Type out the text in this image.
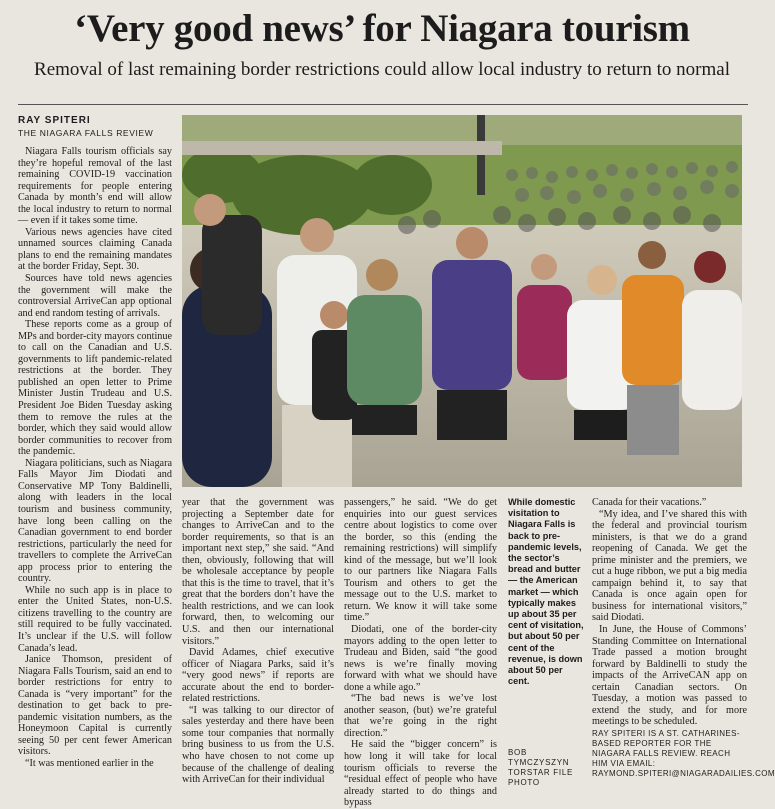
‘Very good news’ for Niagara tourism
Removal of last remaining border restrictions could allow local industry to return to normal
RAY SPITERI
THE NIAGARA FALLS REVIEW

Niagara Falls tourism officials say they’re hopeful removal of the last remaining COVID-19 vaccination requirements for people entering Canada by month’s end will allow the local industry to return to normal — even if it takes some time.

Various news agencies have cited unnamed sources claiming Canada plans to end the remaining mandates at the border Friday, Sept. 30.

Sources have told news agencies the government will make the controversial ArriveCan app optional and end random testing of arrivals.

These reports come as a group of MPs and border-city mayors continue to call on the Canadian and U.S. governments to lift pandemic-related restrictions at the border. They published an open letter to Prime Minister Justin Trudeau and U.S. President Joe Biden Tuesday asking them to remove the rules at the border, which they said would allow border communities to recover from the pandemic.

Niagara politicians, such as Niagara Falls Mayor Jim Diodati and Conservative MP Tony Baldinelli, along with leaders in the local tourism and business community, have long been calling on the Canadian government to end border restrictions, particularly the need for travellers to complete the ArriveCan app process prior to entering the country.

While no such app is in place to enter the United States, non-U.S. citizens travelling to the country are still required to be fully vaccinated. It’s unclear if the U.S. will follow Canada’s lead.

Janice Thomson, president of Niagara Falls Tourism, said an end to border restrictions for entry to Canada is “very important” for the destination to get back to pre-pandemic visitation numbers, as the Honeymoon Capital is currently seeing 50 per cent fewer American visitors.

“It was mentioned earlier in the

year that the government was projecting a September date for changes to ArriveCan and to the border requirements, so that is an important next step,” she said. “And then, obviously, following that will be wholesale acceptance by people that this is the time to travel, that it’s great that the borders don’t have the health restrictions, and we can look forward, then, to welcoming our U.S. and then our international visitors.”

David Adames, chief executive officer of Niagara Parks, said it’s “very good news” if reports are accurate about the end to border-related restrictions.

“I was talking to our director of sales yesterday and there have been some tour companies that normally bring business to us from the U.S. who have chosen to not come up because of the challenge of dealing with ArriveCan for their individual

passengers,” he said. “We do get enquiries into our guest services centre about logistics to come over the border, so this (ending the remaining restrictions) will simplify kind of the message, but we’ll look to our partners like Niagara Falls Tourism and others to get the message out to the U.S. market to return. We know it will take some time.”

Diodati, one of the border-city mayors adding to the open letter to Trudeau and Biden, said “the good news is we’re finally moving forward with what we should have done a while ago.”

“The bad news is we’ve lost another season, (but) we’re grateful that we’re going in the right direction.”

He said the “bigger concern” is how long it will take for local tourism officials to reverse the “residual effect of people who have already started to do things and bypass

While domestic visitation to Niagara Falls is back to pre-pandemic levels, the sector’s bread and butter — the American market — which typically makes up about 35 per cent of visitation, but about 50 per cent of the revenue, is down about 50 per cent.

BOB
TYMCZYSZYN
TORSTAR FILE
PHOTO

Canada for their vacations.”

“My idea, and I’ve shared this with the federal and provincial tourism ministers, is that we do a grand reopening of Canada. We get the prime minister and the premiers, we cut a huge ribbon, we put a big media campaign behind it, to say that Canada is once again open for business for international visitors,” said Diodati.

In June, the House of Commons’ Standing Committee on International Trade passed a motion brought forward by Baldinelli to study the impacts of the ArriveCAN app on certain Canadian sectors. On Tuesday, a motion was passed to extend the study, and for more meetings to be scheduled.

RAY SPITERI IS A ST. CATHARINES-BASED REPORTER FOR THE NIAGARA FALLS REVIEW. REACH HIM VIA EMAIL: RAYMOND.SPITERI@NIAGARADAILIES.COM
